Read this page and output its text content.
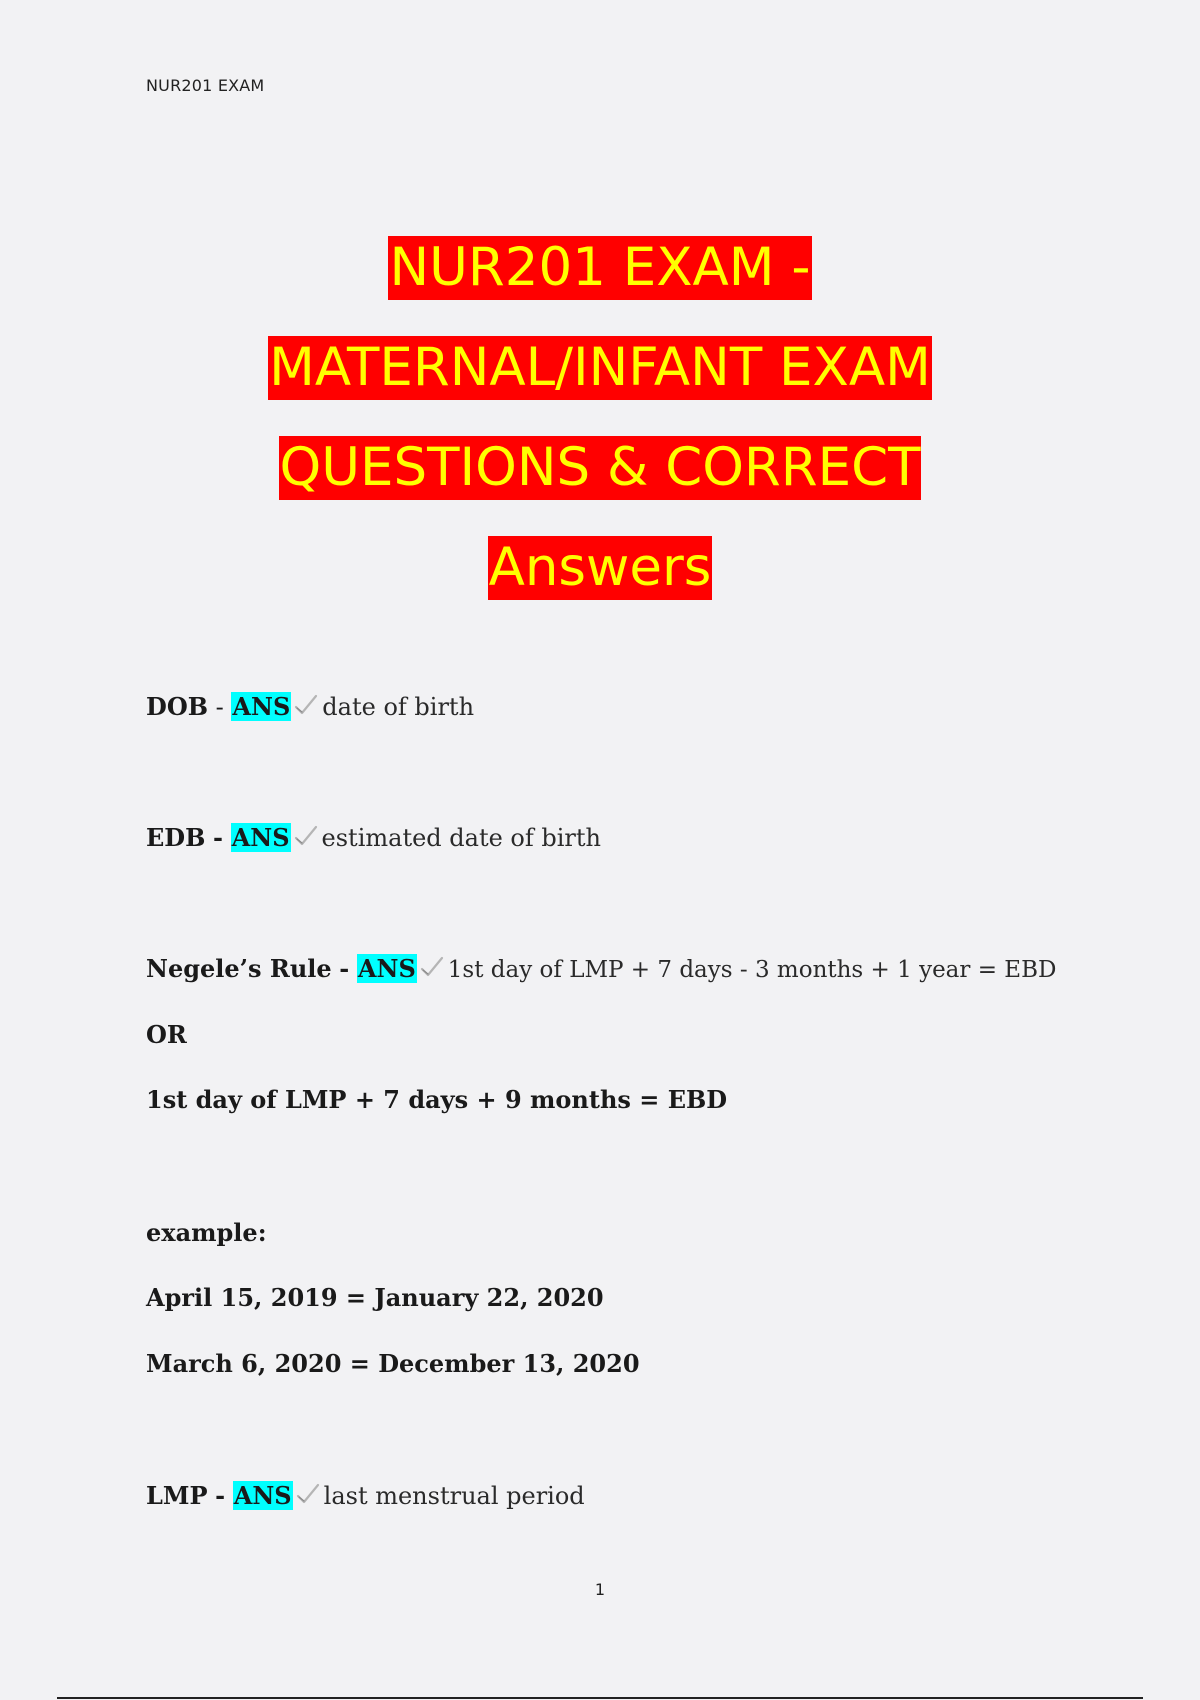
NUR201 EXAM
NUR201 EXAM -
MATERNAL/INFANT EXAM
QUESTIONS & CORRECT
Answers
DOB - ANS date of birth
EDB - ANS estimated date of birth
Negele’s Rule - ANS 1st day of LMP + 7 days - 3 months + 1 year = EBD
OR
1st day of LMP + 7 days + 9 months = EBD
example:
April 15, 2019 = January 22, 2020
March 6, 2020 = December 13, 2020
LMP - ANS last menstrual period
1
